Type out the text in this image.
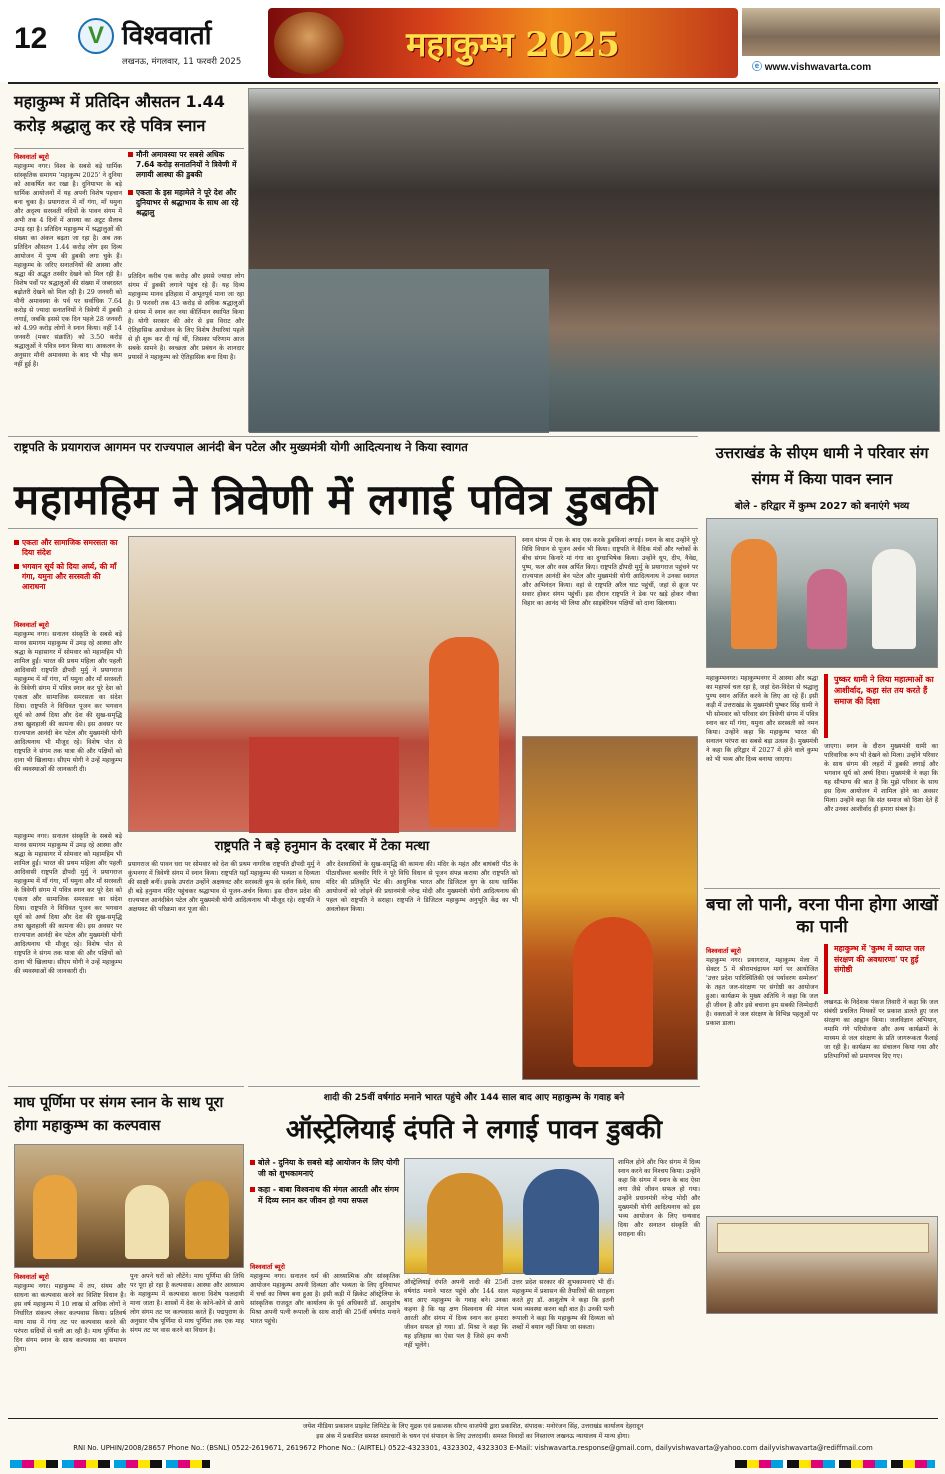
12	V विश्ववार्ता
लखनऊ, मंगलवार, 11 फरवरी 2025	महाकुम्भ 2025
ⓔ www.vishwavarta.com
महाकुम्भ में प्रतिदिन औसतन 1.44 करोड़ श्रद्धालु कर रहे पवित्र स्नान
विश्ववार्ता ब्यूरो
महाकुम्भ नगर। विश्व के सबसे बड़े धार्मिक सांस्कृतिक समागम 'महाकुम्भ 2025' ने दुनिया को आकर्षित कर रखा है। दुनियाभर के बड़े धार्मिक आयोजनों में यह अपनी विशेष पहचान बना चुका है। प्रयागराज में माँ गंगा, माँ यमुना और अदृश्य सरस्वती नदियों के पावन संगम में अभी तक 4 दिनों में आस्था का अटूट सैलाब उमड़ रहा है। प्रतिदिन महाकुम्भ में श्रद्धालुओं की संख्या का अंकन बढ़ता जा रहा है। अब तक प्रतिदिन औसतन 1.44 करोड़ लोग इस दिव्य आयोजन में पुण्य की डुबकी लगा चुके हैं। महाकुम्भ के जरिए सनातनियों की आस्था और श्रद्धा की अद्भुत तस्वीर देखने को मिल रही है। विशेष पर्वों पर श्रद्धालुओं की संख्या में जबरदस्त बढ़ोतरी देखने को मिल रही है। 29 जनवरी को मौनी अमावस्या के पर्व पर सर्वाधिक 7.64 करोड़ से ज्यादा सनातनियों ने त्रिवेणी में डुबकी लगाई, जबकि इससे एक दिन पहले 28 जनवरी को 4.99 करोड़ लोगों ने स्नान किया। वहीं 14 जनवरी (मकर संक्रांति) को 3.50 करोड़ श्रद्धालुओं ने पवित्र स्नान किया था। आकलन के अनुसार मौनी अमावस्या के बाद भी भीड़ कम नहीं हुई है।
मौनी अमावस्या पर सबसे अधिक 7.64 करोड़ सनातनियों ने त्रिवेणी में लगायी आस्था की डुबकी
एकता के इस महामेले ने पूरे देश और दुनियाभर से श्रद्धाभाव के साथ आ रहे श्रद्धालु
प्रतिदिन करीब एक करोड़ और इससे ज्यादा लोग संगम में डुबकी लगाने पहुंच रहे हैं। यह दिव्य महाकुम्भ मानव इतिहास में अभूतपूर्व माना जा रहा है। 9 फरवरी तक 43 करोड़ से अधिक श्रद्धालुओं ने संगम में स्नान कर नया कीर्तिमान स्थापित किया है। योगी सरकार की ओर से इस विराट और ऐतिहासिक आयोजन के लिए विशेष तैयारियां पहले से ही शुरू कर दी गई थीं, जिसका परिणाम आज सबके सामने है। स्वच्छता और प्रबंधन के शानदार प्रयासों ने महाकुम्भ को ऐतिहासिक बना दिया है।
राष्ट्रपति के प्रयागराज आगमन पर राज्यपाल आनंदी बेन पटेल और मुख्यमंत्री योगी आदित्यनाथ ने किया स्वागत
महामहिम ने त्रिवेणी में लगाई पवित्र डुबकी
एकता और सामाजिक समरसता का दिया संदेश
भगवान सूर्य को दिया अर्घ्य, की माँ गंगा, यमुना और सरस्वती की आराधना
विश्ववार्ता ब्यूरो
महाकुम्भ नगर। सनातन संस्कृति के सबसे बड़े मानव समागम महाकुम्भ में उमड़ रहे आस्था और श्रद्धा के महासागर में सोमवार को महामहिम भी शामिल हुईं। भारत की प्रथम महिला और पहली आदिवासी राष्ट्रपति द्रौपदी मुर्मु ने प्रयागराज महाकुम्भ में माँ गंगा, माँ यमुना और माँ सरस्वती के त्रिवेणी संगम में पवित्र स्नान कर पूरे देश को एकता और सामाजिक समरसता का संदेश दिया। राष्ट्रपति ने विधिवत पूजन कर भगवान सूर्य को अर्घ्य दिया और देश की सुख-समृद्धि तथा खुशहाली की कामना की। इस अवसर पर राज्यपाल आनंदी बेन पटेल और मुख्यमंत्री योगी आदित्यनाथ भी मौजूद रहे। विशेष पोत से राष्ट्रपति ने संगम तक यात्रा की और पक्षियों को दाना भी खिलाया। सीएम योगी ने उन्हें महाकुम्भ की व्यवस्थाओं की जानकारी दी।
महाकुम्भ नगर। सनातन संस्कृति के सबसे बड़े मानव समागम महाकुम्भ में उमड़ रहे आस्था और श्रद्धा के महासागर में सोमवार को महामहिम भी शामिल हुईं। भारत की प्रथम महिला और पहली आदिवासी राष्ट्रपति द्रौपदी मुर्मु ने प्रयागराज महाकुम्भ में माँ गंगा, माँ यमुना और माँ सरस्वती के त्रिवेणी संगम में पवित्र स्नान कर पूरे देश को एकता और सामाजिक समरसता का संदेश दिया। राष्ट्रपति ने विधिवत पूजन कर भगवान सूर्य को अर्घ्य दिया और देश की सुख-समृद्धि तथा खुशहाली की कामना की। इस अवसर पर राज्यपाल आनंदी बेन पटेल और मुख्यमंत्री योगी आदित्यनाथ भी मौजूद रहे। विशेष पोत से राष्ट्रपति ने संगम तक यात्रा की और पक्षियों को दाना भी खिलाया। सीएम योगी ने उन्हें महाकुम्भ की व्यवस्थाओं की जानकारी दी।
स्नान संगम में एक के बाद एक करके डुबकियां लगाई। स्नान के बाद उन्होंने पूरे विधि विधान से पूजन अर्चन भी किया। राष्ट्रपति ने वैदिक मंत्रों और श्लोकों के बीच संगम किनारे मां गंगा का दुग्धाभिषेक किया। उन्होंने धूप, दीप, नैवेद्य, पुष्प, फल और वस्त्र अर्पित किए। राष्ट्रपति द्रौपदी मुर्मु के प्रयागराज पहुंचने पर राज्यपाल आनंदी बेन पटेल और मुख्यमंत्री योगी आदित्यनाथ ने उनका स्वागत और अभिनंदन किया। वहां से राष्ट्रपति अरैल घाट पहुंचीं, जहां से क्रूज पर सवार होकर संगम पहुंचीं। इस दौरान राष्ट्रपति ने डेक पर खड़े होकर नौका विहार का आनंद भी लिया और साइबेरियन पक्षियों को दाना खिलाया।
राष्ट्रपति ने बड़े हनुमान के दरबार में टेका मत्था
प्रयागराज की पावन धरा पर सोमवार को देश की प्रथम नागरिक राष्ट्रपति द्रौपदी मुर्मु ने कुंभनगर में त्रिवेणी संगम में स्नान किया। राष्ट्रपति यहाँ महाकुम्भ की भव्यता व दिव्यता की साक्षी बनीं। इसके उपरांत उन्होंने अक्षयवट और सरस्वती कूप के दर्शन किये, साथ ही बड़े हनुमान मंदिर पहुंचकर श्रद्धाभाव से पूजन-अर्चन किया। इस दौरान प्रदेश की राज्यपाल आनंदीबेन पटेल और मुख्यमंत्री योगी आदित्यनाथ भी मौजूद रहे। राष्ट्रपति ने अक्षयवट की परिक्रमा कर पूजा की।
और देशवासियों के सुख-समृद्धि की कामना की। मंदिर के महंत और बाघंबरी पीठ के पीठाधीश्वर बलवीर गिरि ने पूरे विधि विधान से पूजन संपन्न कराया और राष्ट्रपति को मंदिर की प्रतिकृति भेंट की। आधुनिक भारत और डिजिटल युग के साथ धार्मिक आयोजनों को जोड़ने की प्रधानमंत्री नरेन्द्र मोदी और मुख्यमंत्री योगी आदित्यनाथ की पहल को राष्ट्रपति ने सराहा। राष्ट्रपति ने डिजिटल महाकुम्भ अनुभूति केंद्र का भी अवलोकन किया।
उत्तराखंड के सीएम धामी ने परिवार संग संगम में किया पावन स्नान
बोले - हरिद्वार में कुम्भ 2027 को बनाएंगे भव्य
महाकुम्भनगर। महाकुम्भनगर में आस्था और श्रद्धा का महापर्व चल रहा है, जहां देश-विदेश से श्रद्धालु पुण्य स्नान अर्जित करने के लिए आ रहे हैं। इसी कड़ी में उत्तराखंड के मुख्यमंत्री पुष्कर सिंह धामी ने भी सोमवार को परिवार संग त्रिवेणी संगम में पवित्र स्नान कर माँ गंगा, यमुना और सरस्वती को नमन किया। उन्होंने कहा कि महाकुम्भ भारत की सनातन परंपरा का सबसे बड़ा उत्सव है। मुख्यमंत्री ने कहा कि हरिद्वार में 2027 में होने वाले कुम्भ को भी भव्य और दिव्य बनाया जाएगा।
पुष्कर धामी ने लिया महात्माओं का आशीर्वाद, कहा संत तय करते हैं समाज की दिशा
जाएगा। स्नान के दौरान मुख्यमंत्री धामी का पारिवारिक रूप भी देखने को मिला। उन्होंने परिवार के साथ संगम की लहरों में डुबकी लगाई और भगवान सूर्य को अर्घ्य दिया। मुख्यमंत्री ने कहा कि यह सौभाग्य की बात है कि मुझे परिवार के साथ इस दिव्य आयोजन में शामिल होने का अवसर मिला। उन्होंने कहा कि संत समाज को दिशा देते हैं और उनका आशीर्वाद ही हमारा संबल है।
बचा लो पानी, वरना पीना होगा आखों का पानी
विश्ववार्ता ब्यूरो
महाकुम्भ नगर। प्रयागराज, महाकुम्भ मेला में सेक्टर 5 में श्रीरामचंद्रायन मार्ग पर आयोजित 'उत्तर प्रदेश पारिस्थितिकी एवं पर्यावरण सम्मेलन' के तहत जल-संरक्षण पर संगोष्ठी का आयोजन हुआ। कार्यक्रम के मुख्य अतिथि ने कहा कि जल ही जीवन है और इसे बचाना हम सबकी जिम्मेदारी है। वक्ताओं ने जल संरक्षण के विभिन्न पहलुओं पर प्रकाश डाला।
महाकुम्भ में 'कुम्भ में व्याप्त जल संरक्षण की अवधारणा' पर हुई संगोष्ठी
लखनऊ के निदेशक पंकज तिवारी ने कहा कि जल संबंधी प्रचलित मिथकों पर प्रकाश डालते हुए जल संरक्षण का आह्वान किया। जलविज्ञान अभियान, नमामि गंगे परियोजना और अन्य कार्यक्रमों के माध्यम से जल संरक्षण के प्रति जागरूकता फैलाई जा रही है। कार्यक्रम का संचालन किया गया और प्रतिभागियों को प्रमाणपत्र दिए गए।
माघ पूर्णिमा पर संगम स्नान के साथ पूरा होगा महाकुम्भ का कल्पवास
विश्ववार्ता ब्यूरो
महाकुम्भ नगर। महाकुम्भ में तप, संयम और साधना का कल्पवास करने का विशिष्ट विधान है। इस वर्ष महाकुम्भ में 10 लाख से अधिक लोगों ने निर्धारित संकल्प लेकर कल्पवास किया। प्रतिवर्ष माघ मास में गंगा तट पर कल्पवास करने की परंपरा सदियों से चली आ रही है। माघ पूर्णिमा के दिन संगम स्नान के साथ कल्पवास का समापन होगा।
पुनः अपने घरों को लौटेंगे। माघ पूर्णिमा की तिथि पर पूरा हो रहा है कल्पवास। आस्था और आध्यात्म के महाकुम्भ में कल्पवास करना विशेष फलदायी माना जाता है। शास्त्रों में देश के कोने-कोने से आये लोग संगम तट पर कल्पवास करते हैं। पद्मपुराण के अनुसार पौष पूर्णिमा से माघ पूर्णिमा तक एक माह संगम तट पर वास करने का विधान है।
शादी की 25वीं वर्षगांठ मनाने भारत पहुंचे और 144 साल बाद आए महाकुम्भ के गवाह बने
ऑस्ट्रेलियाई दंपति ने लगाई पावन डुबकी
बोले - दुनिया के सबसे बड़े आयोजन के लिए योगी जी को शुभकामनाएं
कहा - बाबा विश्वनाथ की मंगल आरती और संगम में दिव्य स्नान कर जीवन हो गया सफल
विश्ववार्ता ब्यूरो
महाकुम्भ नगर। सनातन धर्म की आध्यात्मिक और सांस्कृतिक आयोजन महाकुम्भ अपनी दिव्यता और भव्यता के लिए दुनियाभर में चर्चा का विषय बना हुआ है। इसी कड़ी में क्रिकेट ऑस्ट्रेलिया के सांस्कृतिक राजदूत और कार्यालय के पूर्व अधिकारी डॉ. आशुतोष मिश्रा अपनी पत्नी रूपाली के साथ शादी की 25वीं वर्षगांठ मनाने भारत पहुंचे।
शामिल होने और फिर संगम में दिव्य स्नान करने का निश्चय किया। उन्होंने कहा कि संगम में स्नान के बाद ऐसा लगा जैसे जीवन सफल हो गया। उन्होंने प्रधानमंत्री नरेन्द्र मोदी और मुख्यमंत्री योगी आदित्यनाथ को इस भव्य आयोजन के लिए धन्यवाद दिया और सनातन संस्कृति की सराहना की।
ऑस्ट्रेलियाई दंपति अपनी शादी की 25वीं वर्षगांठ मनाने भारत पहुंचे और 144 साल बाद आए महाकुम्भ के गवाह बने। उनका कहना है कि यह क्षण विश्वनाथ की मंगल आरती और संगम में दिव्य स्नान कर हमारा जीवन सफल हो गया। डॉ. मिश्रा ने कहा कि यह इतिहास का ऐसा पल है जिसे हम कभी नहीं भूलेंगे।
उत्तर प्रदेश सरकार की शुभकामनाएं भी दीं। महाकुम्भ में प्रशासन की तैयारियों की सराहना करते हुए डॉ. आशुतोष ने कहा कि इतनी भव्य व्यवस्था करना बड़ी बात है। उनकी पत्नी रूपाली ने कहा कि महाकुम्भ की दिव्यता को शब्दों में बयान नहीं किया जा सकता।
जयेश मीडिया प्रकाशन प्राइवेट लिमिटेड के लिए मुद्रक एवं प्रकाशक सौरभ वाजपेयी द्वारा प्रकाशित, संपादक: मनोरंजन सिंह, उत्तराखंड कार्यालय देहरादून
इस अंक में प्रकाशित समस्त समाचारों के चयन एवं संपादन के लिए उत्तरदायी। समस्त विवादों का निस्तारण लखनऊ न्यायालय में मान्य होगा।
RNI No. UPHIN/2008/28657 Phone No.: (BSNL) 0522-2619671, 2619672 Phone No.: (AIRTEL) 0522-4323301, 4323302, 4323303 E-Mail: vishwavarta.response@gmail.com, dailyvishwavarta@yahoo.com dailyvishwavarta@rediffmail.com
